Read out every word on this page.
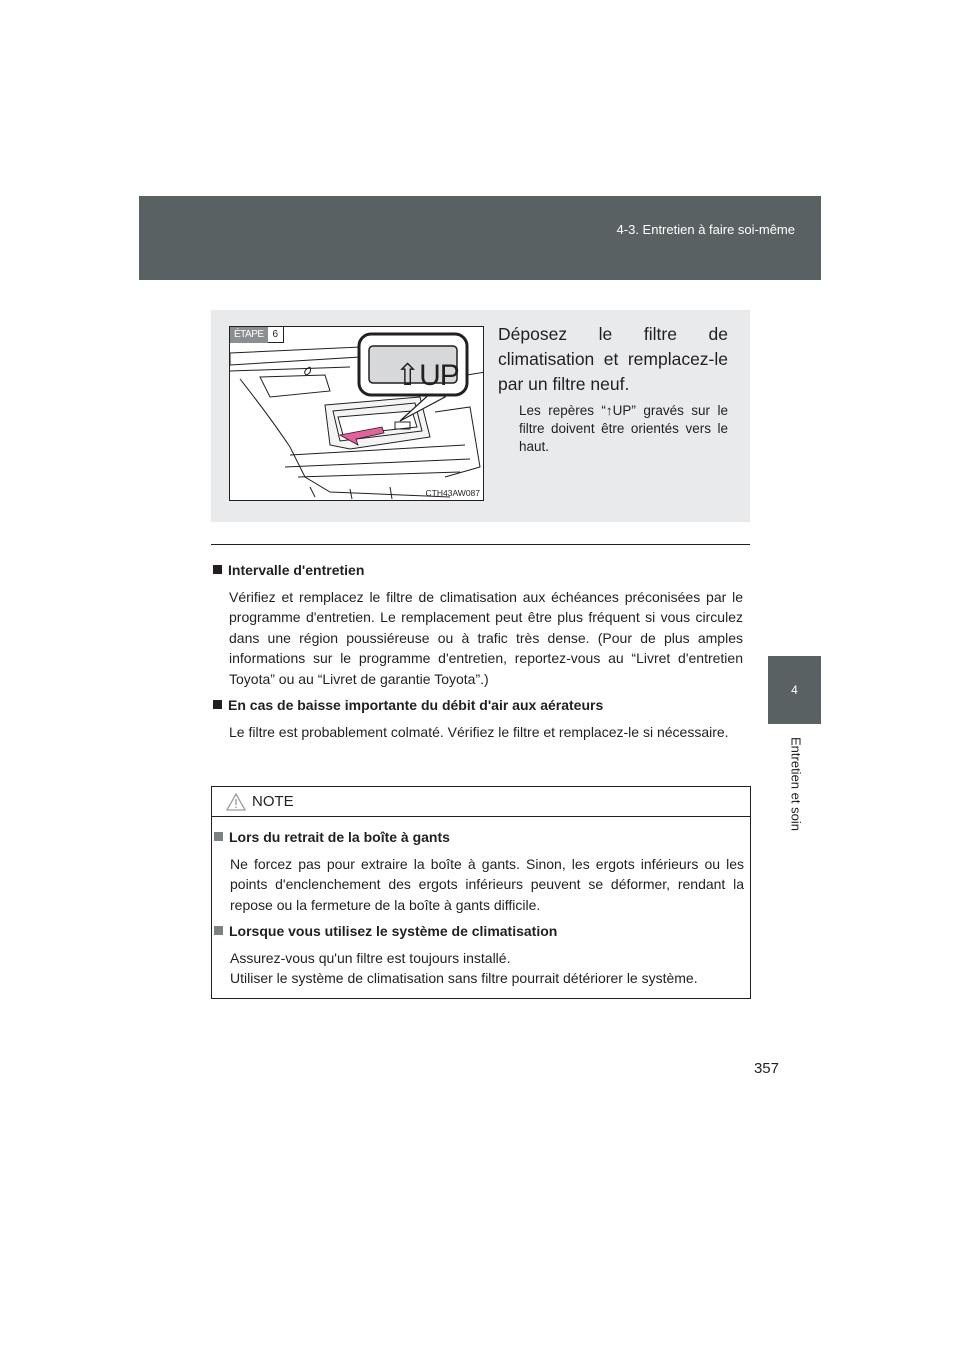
4-3. Entretien à faire soi-même
4
Entretien et soin
ÉTAPE 6
⇧UP
CTH43AW087
Déposez le filtre de climatisation et remplacez-le par un filtre neuf.
Les repères “↑UP” gravés sur le filtre doivent être orientés vers le haut.
Intervalle d'entretien
Vérifiez et remplacez le filtre de climatisation aux échéances préconisées par le programme d'entretien. Le remplacement peut être plus fréquent si vous circulez dans une région poussiéreuse ou à trafic très dense. (Pour de plus amples informations sur le programme d'entretien, reportez-vous au “Livret d'entretien Toyota” ou au “Livret de garantie Toyota”.)
En cas de baisse importante du débit d'air aux aérateurs
Le filtre est probablement colmaté. Vérifiez le filtre et remplacez-le si nécessaire.
NOTE
Lors du retrait de la boîte à gants
Ne forcez pas pour extraire la boîte à gants. Sinon, les ergots inférieurs ou les points d'enclenchement des ergots inférieurs peuvent se déformer, rendant la repose ou la fermeture de la boîte à gants difficile.
Lorsque vous utilisez le système de climatisation
Assurez-vous qu'un filtre est toujours installé.
Utiliser le système de climatisation sans filtre pourrait détériorer le système.
357
